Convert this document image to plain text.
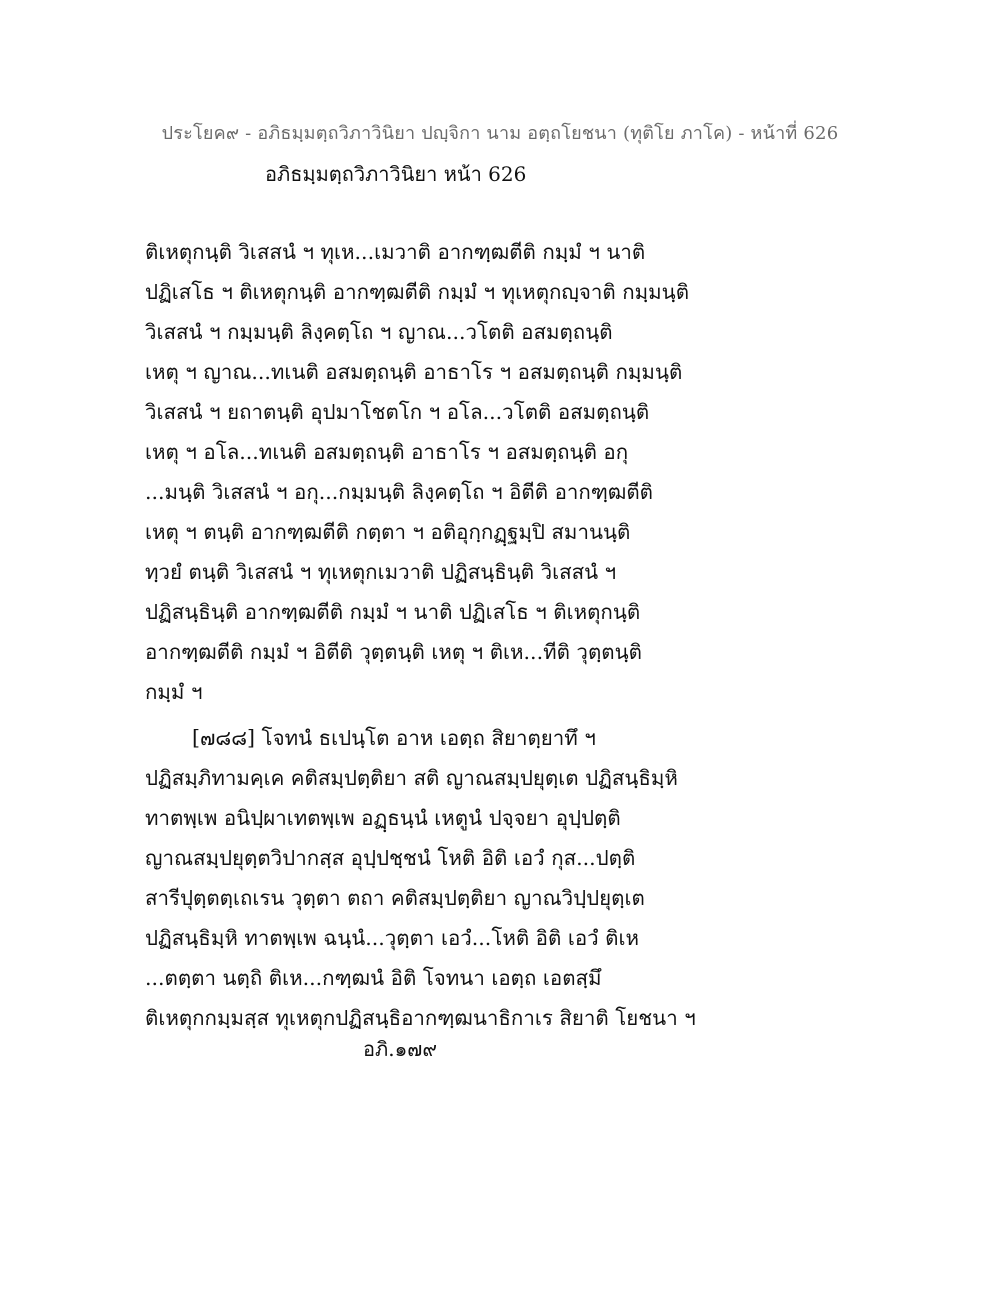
ประโยค๙ - อภิธมฺมตฺถวิภาวินิยา ปญฺจิกา นาม อตฺถโยชนา (ทุติโย ภาโค) - หน้าที่ 626
อภิธมฺมตฺถวิภาวินิยา หน้า 626
ติเหตุกนฺติ วิเสสนํ ฯ ทุเห...เมวาติ อากฑฺฒตีติ กมฺมํ ฯ นาติ
ปฏิเสโธ ฯ ติเหตุกนฺติ อากฑฺฒตีติ กมฺมํ ฯ ทุเหตุกญฺจาติ กมฺมนฺติ
วิเสสนํ ฯ กมฺมนฺติ ลิงฺคตฺโถ ฯ ญาณ...วโตติ อสมตฺถนฺติ
เหตุ ฯ ญาณ...ทเนติ อสมตฺถนฺติ อาธาโร ฯ อสมตฺถนฺติ กมฺมนฺติ
วิเสสนํ ฯ ยถาตนฺติ อุปมาโชตโก ฯ อโล...วโตติ อสมตฺถนฺติ
เหตุ ฯ อโล...ทเนติ อสมตฺถนฺติ อาธาโร ฯ อสมตฺถนฺติ อกุ
...มนฺติ วิเสสนํ ฯ อกุ...กมฺมนฺติ ลิงฺคตฺโถ ฯ อิตีติ อากฑฺฒตีติ
เหตุ ฯ ตนฺติ อากฑฺฒตีติ กตฺตา ฯ อติอุกฺกฏฺฐมฺปิ สมานนฺติ
ทฺวยํ ตนฺติ วิเสสนํ ฯ ทุเหตุกเมวาติ ปฏิสนฺธินฺติ วิเสสนํ ฯ
ปฏิสนฺธินฺติ อากฑฺฒตีติ กมฺมํ ฯ นาติ ปฏิเสโธ ฯ ติเหตุกนฺติ
อากฑฺฒตีติ กมฺมํ ฯ อิตีติ วุตฺตนฺติ เหตุ ฯ ติเห...ทีติ วุตฺตนฺติ
กมฺมํ ฯ
[๗๘๘] โจทนํ ธเปนฺโต อาห เอตฺถ สิยาตฺยาทึ ฯ
ปฏิสมฺภิทามคฺเค คติสมฺปตฺติยา สติ ญาณสมฺปยุตฺเต ปฏิสนฺธิมฺหิ
ทาตพฺเพ อนิปฺผาเทตพฺเพ อฏฺธนฺนํ เหตูนํ ปจฺจยา อุปฺปตฺติ
ญาณสมฺปยุตฺตวิปากสฺส อุปฺปชฺชนํ โหติ อิติ เอวํ กุส...ปตฺติ
สารีปุตฺตตฺเถเรน วุตฺตา ตถา คติสมฺปตฺติยา ญาณวิปฺปยุตฺเต
ปฏิสนฺธิมฺหิ ทาตพฺเพ ฉนฺนํ...วุตฺตา เอวํ...โหติ อิติ เอวํ ติเห
...ตตฺตา นตฺถิ ติเห...กฑฺฒนํ อิติ โจทนา เอตฺถ เอตสฺมึ
ติเหตุกกมฺมสฺส ทุเหตุกปฏิสนฺธิอากฑฺฒนาธิกาเร สิยาติ โยชนา ฯ
อภิ.๑๗๙
